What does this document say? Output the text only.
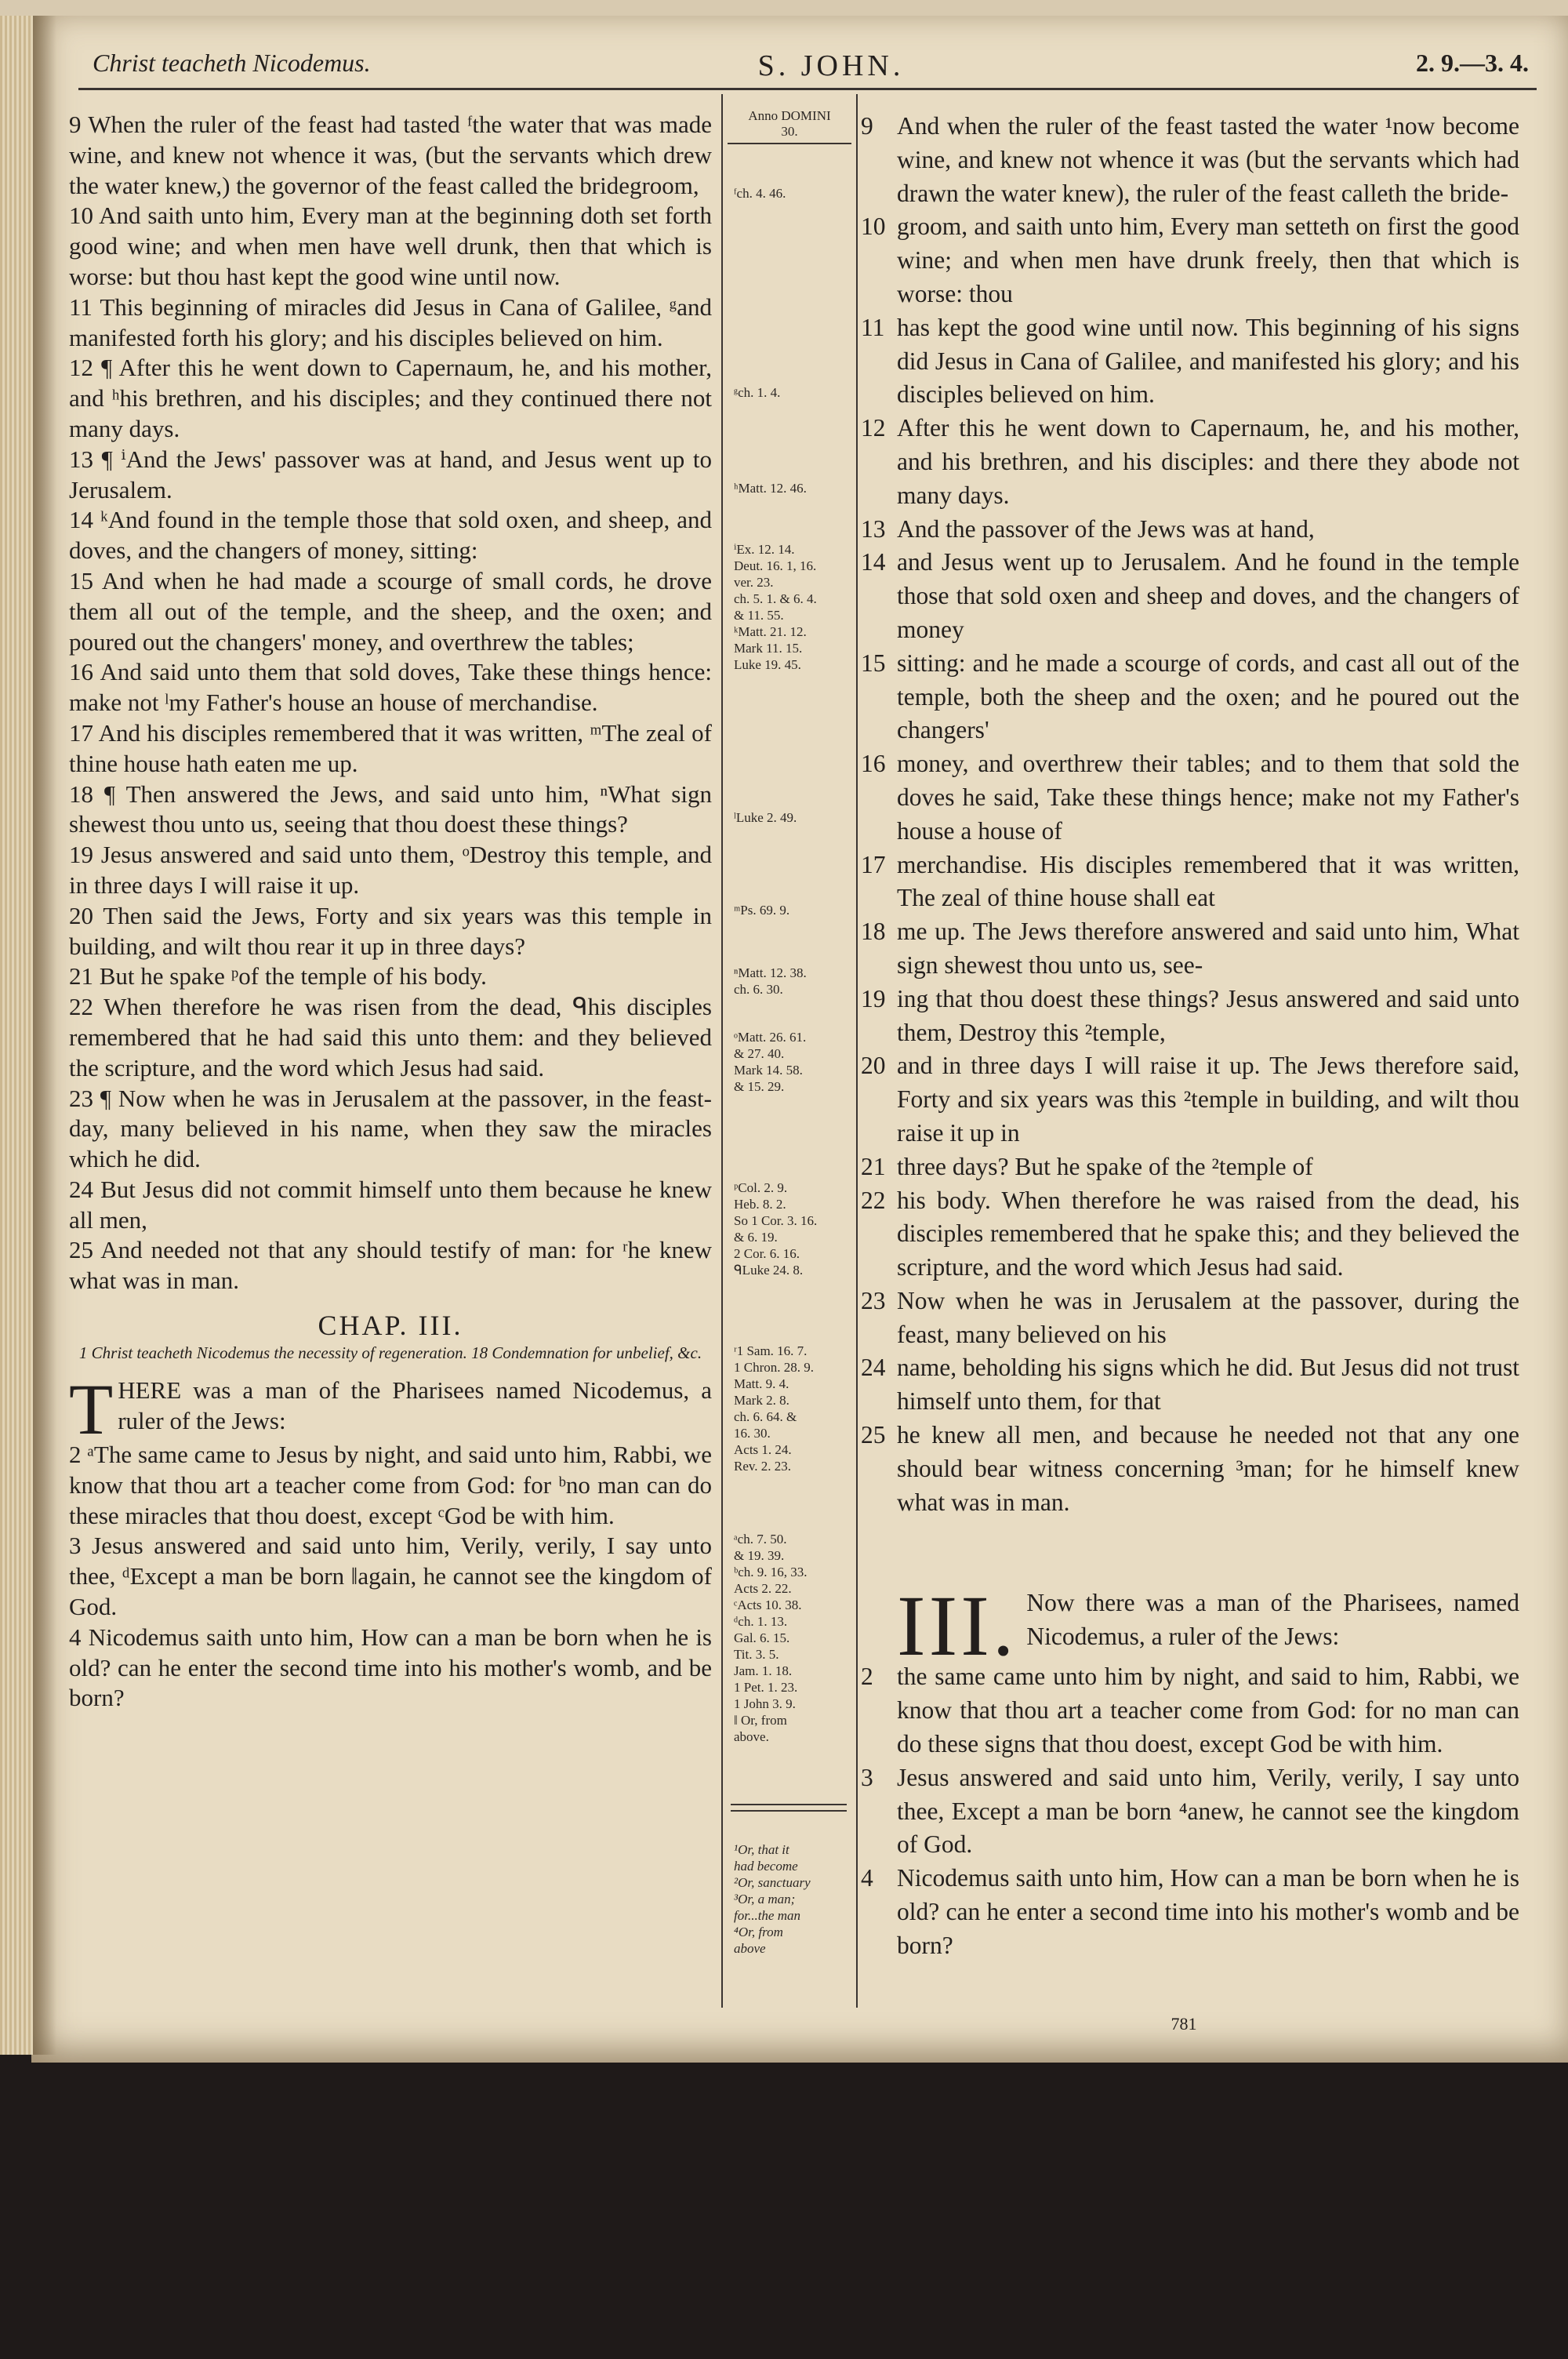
Christ teacheth Nicodemus.	S. JOHN.	2. 9.—3. 4.

9 When the ruler of the feast had tasted ᶠthe water that was made wine, and knew not whence it was, (but the servants which drew the water knew,) the governor of the feast called the bridegroom,

10 And saith unto him, Every man at the beginning doth set forth good wine; and when men have well drunk, then that which is worse: but thou hast kept the good wine until now.

11 This beginning of miracles did Jesus in Cana of Galilee, ᵍand manifested forth his glory; and his disciples believed on him.

12 ¶ After this he went down to Capernaum, he, and his mother, and ʰhis brethren, and his disciples; and they continued there not many days.

13 ¶ ⁱAnd the Jews' passover was at hand, and Jesus went up to Jerusalem.

14 ᵏAnd found in the temple those that sold oxen, and sheep, and doves, and the changers of money, sitting:

15 And when he had made a scourge of small cords, he drove them all out of the temple, and the sheep, and the oxen; and poured out the changers' money, and overthrew the tables;

16 And said unto them that sold doves, Take these things hence: make not ˡmy Father's house an house of merchandise.

17 And his disciples remembered that it was written, ᵐThe zeal of thine house hath eaten me up.

18 ¶ Then answered the Jews, and said unto him, ⁿWhat sign shewest thou unto us, seeing that thou doest these things?

19 Jesus answered and said unto them, ᵒDestroy this temple, and in three days I will raise it up.

20 Then said the Jews, Forty and six years was this temple in building, and wilt thou rear it up in three days?

21 But he spake ᵖof the temple of his body.

22 When therefore he was risen from the dead, ᑫhis disciples remembered that he had said this unto them: and they believed the scripture, and the word which Jesus had said.

23 ¶ Now when he was in Jerusalem at the passover, in the feast-day, many believed in his name, when they saw the miracles which he did.

24 But Jesus did not commit himself unto them because he knew all men,

25 And needed not that any should testify of man: for ʳhe knew what was in man.

CHAP. III.
1 Christ teacheth Nicodemus the necessity of regeneration. 18 Condemnation for unbelief, &c.

THERE was a man of the Pharisees named Nicodemus, a ruler of the Jews:

2 ᵃThe same came to Jesus by night, and said unto him, Rabbi, we know that thou art a teacher come from God: for ᵇno man can do these miracles that thou doest, except ᶜGod be with him.

3 Jesus answered and said unto him, Verily, verily, I say unto thee, ᵈExcept a man be born ‖again, he cannot see the kingdom of God.

4 Nicodemus saith unto him, How can a man be born when he is old? can he enter the second time into his mother's womb, and be born?

Anno DOMINI
30.
ᶠch. 4. 46.
ᵍch. 1. 4.
ʰMatt. 12. 46.
ⁱEx. 12. 14.
Deut. 16. 1, 16.
ver. 23.
ch. 5. 1. & 6. 4.
& 11. 55.
ᵏMatt. 21. 12.
Mark 11. 15.
Luke 19. 45.
ˡLuke 2. 49.
ᵐPs. 69. 9.
ⁿMatt. 12. 38.
ch. 6. 30.
ᵒMatt. 26. 61.
& 27. 40.
Mark 14. 58.
& 15. 29.
ᵖCol. 2. 9.
Heb. 8. 2.
So 1 Cor. 3. 16.
& 6. 19.
2 Cor. 6. 16.
ᑫLuke 24. 8.
ʳ1 Sam. 16. 7.
1 Chron. 28. 9.
Matt. 9. 4.
Mark 2. 8.
ch. 6. 64. &
16. 30.
Acts 1. 24.
Rev. 2. 23.
ᵃch. 7. 50.
& 19. 39.
ᵇch. 9. 16, 33.
Acts 2. 22.
ᶜActs 10. 38.
ᵈch. 1. 13.
Gal. 6. 15.
Tit. 3. 5.
Jam. 1. 18.
1 Pet. 1. 23.
1 John 3. 9.
‖ Or, from
above.
¹Or, that it
had become
²Or, sanctuary
³Or, a man;
for...the man
⁴Or, from
above
9 And when the ruler of the feast tasted the water ¹now become wine, and knew not whence it was (but the servants which had drawn the water knew), the ruler of the feast calleth the bride-
10 groom, and saith unto him, Every man setteth on first the good wine; and when men have drunk freely, then that which is worse: thou
11 has kept the good wine until now. This beginning of his signs did Jesus in Cana of Galilee, and manifested his glory; and his disciples believed on him.
12 After this he went down to Capernaum, he, and his mother, and his brethren, and his disciples: and there they abode not many days.
13 And the passover of the Jews was at hand,
14 and Jesus went up to Jerusalem. And he found in the temple those that sold oxen and sheep and doves, and the changers of money
15 sitting: and he made a scourge of cords, and cast all out of the temple, both the sheep and the oxen; and he poured out the changers'
16 money, and overthrew their tables; and to them that sold the doves he said, Take these things hence; make not my Father's house a house of
17 merchandise. His disciples remembered that it was written, The zeal of thine house shall eat
18 me up. The Jews therefore answered and said unto him, What sign shewest thou unto us, see-
19 ing that thou doest these things? Jesus answered and said unto them, Destroy this ²temple,
20 and in three days I will raise it up. The Jews therefore said, Forty and six years was this ²temple in building, and wilt thou raise it up in
21 three days? But he spake of the ²temple of
22 his body. When therefore he was raised from the dead, his disciples remembered that he spake this; and they believed the scripture, and the word which Jesus had said.
23 Now when he was in Jerusalem at the passover, during the feast, many believed on his
24 name, beholding his signs which he did. But Jesus did not trust himself unto them, for that
25 he knew all men, and because he needed not that any one should bear witness concerning ³man; for he himself knew what was in man.
III. Now there was a man of the Pharisees, named Nicodemus, a ruler of the Jews:
2 the same came unto him by night, and said to him, Rabbi, we know that thou art a teacher come from God: for no man can do these signs that thou doest, except God be with him.
3 Jesus answered and said unto him, Verily, verily, I say unto thee, Except a man be born ⁴anew, he cannot see the kingdom of God.
4 Nicodemus saith unto him, How can a man be born when he is old? can he enter a second time into his mother's womb and be born?
781
